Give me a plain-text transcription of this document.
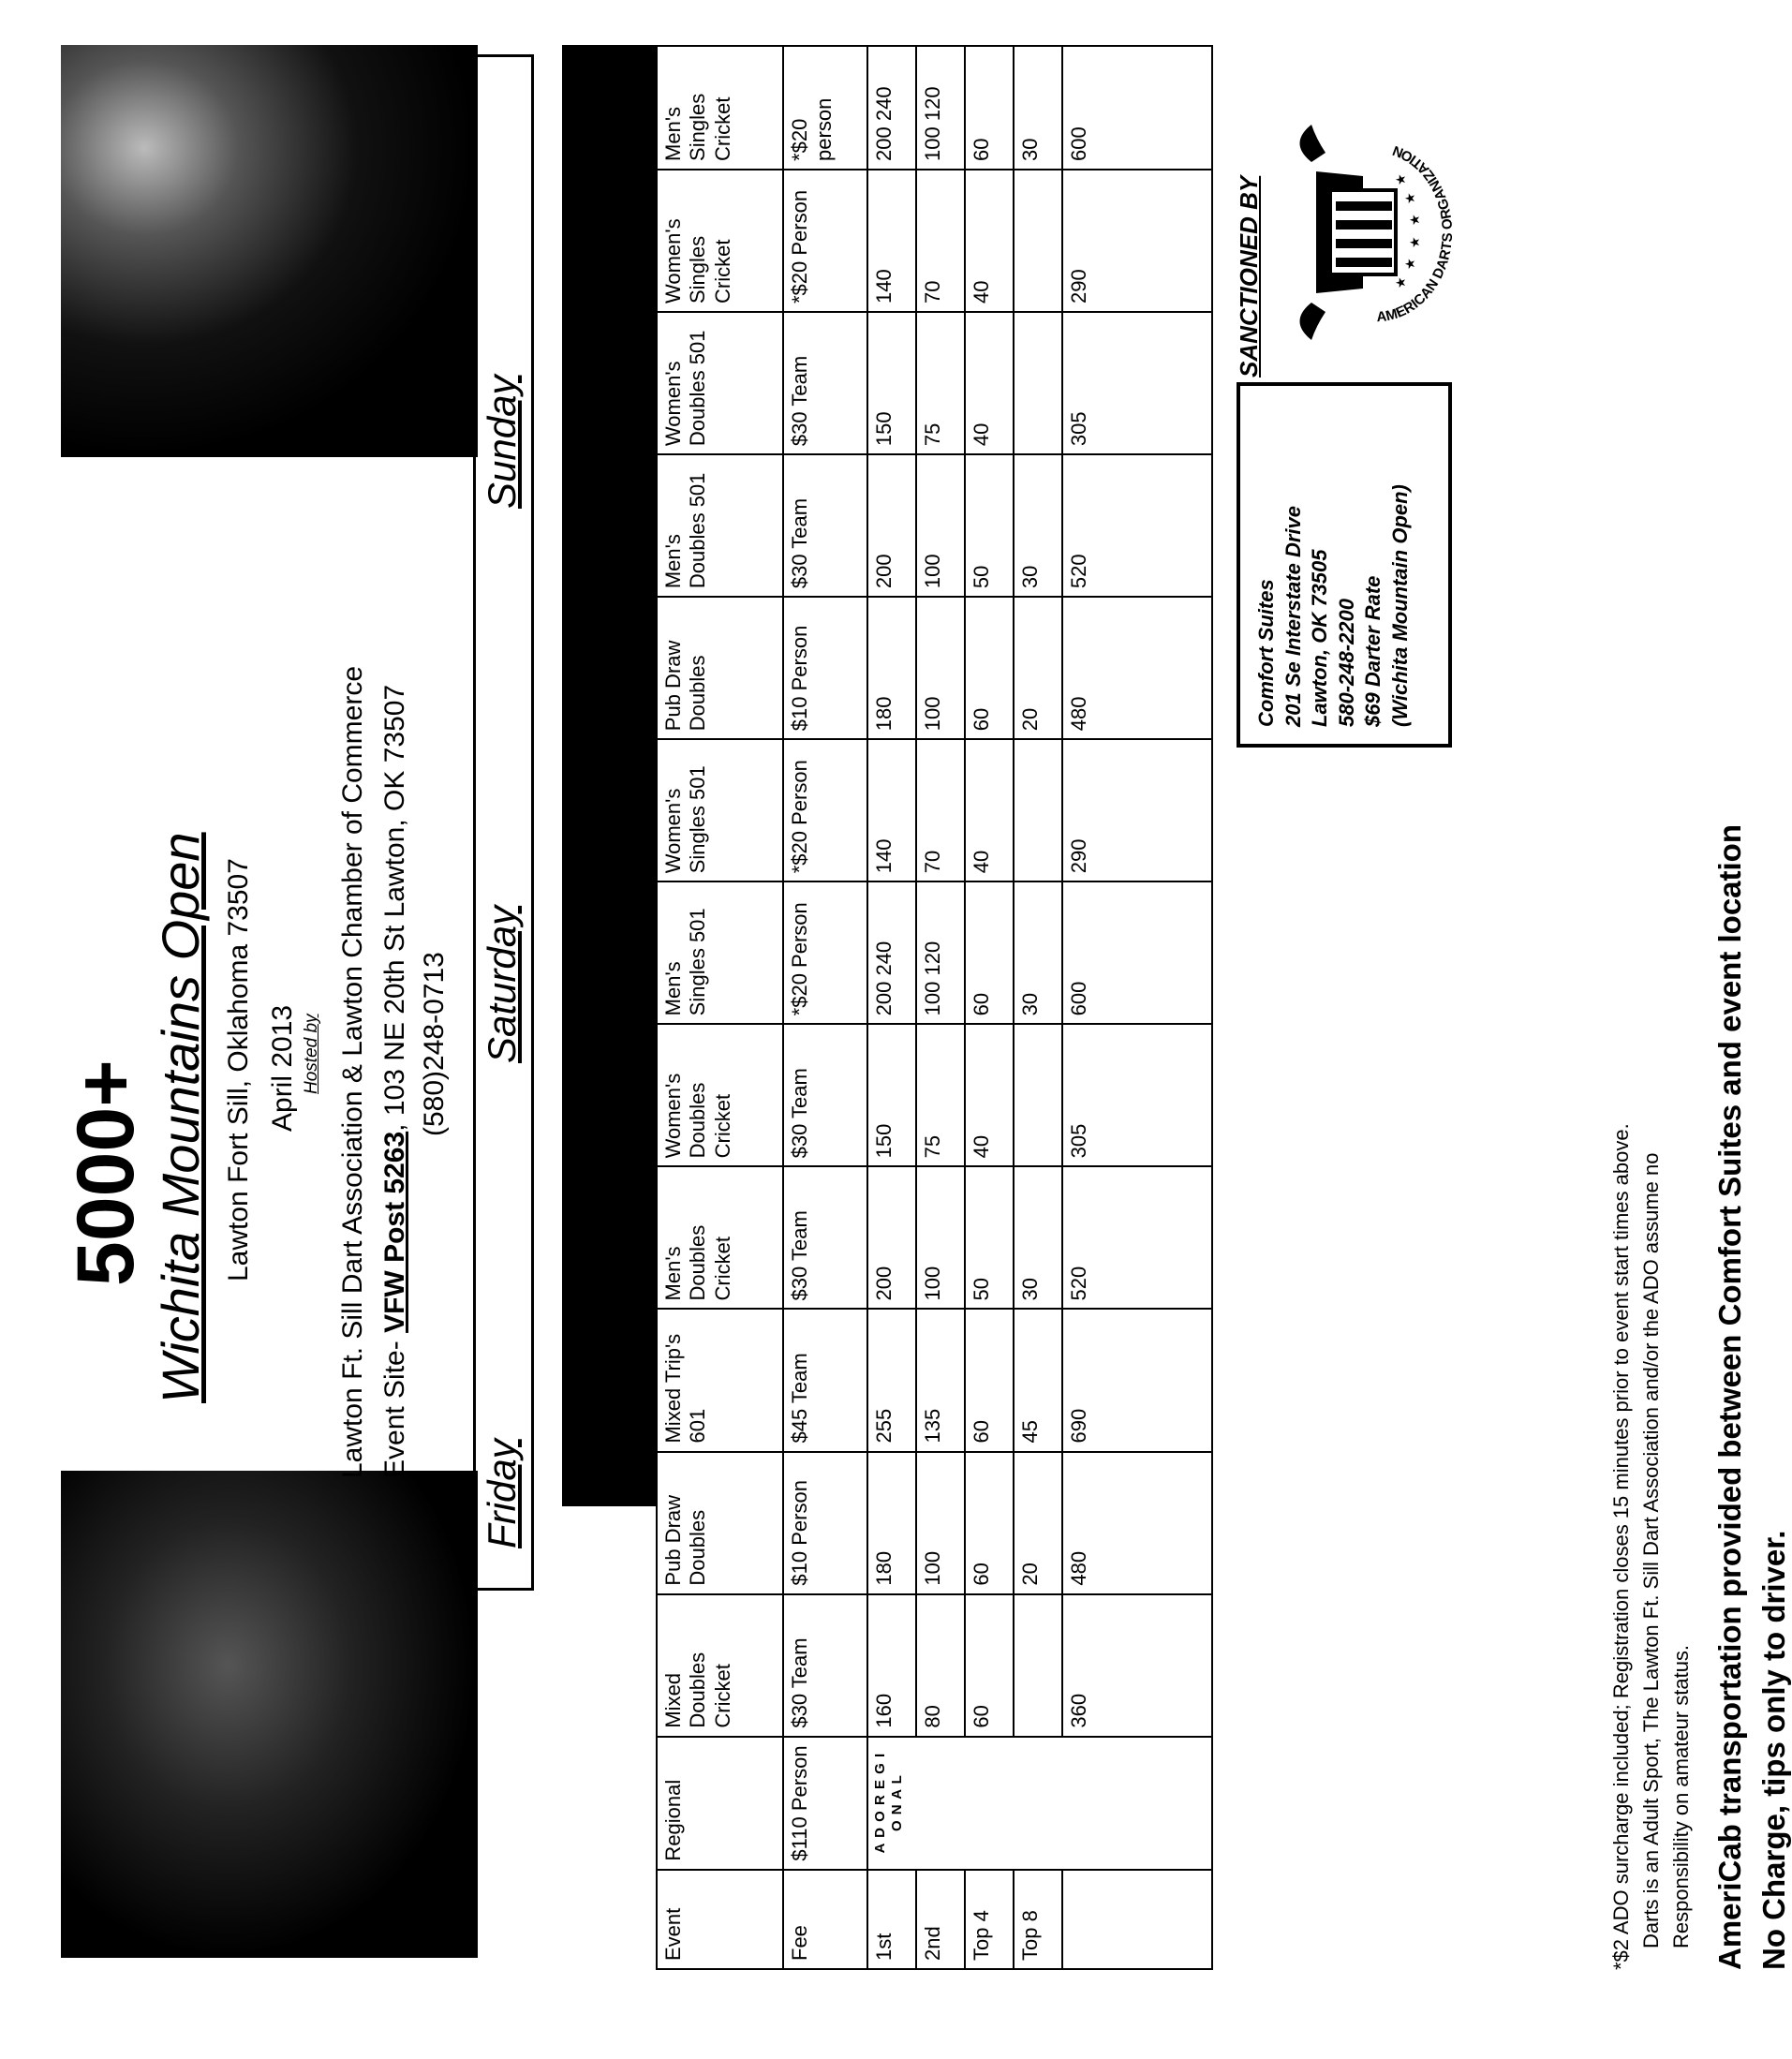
5000+ Wichita Mountains Open Lawton Fort Sill, Oklahoma 73507 April 2013 Hosted by Lawton Ft. Sill Dart Association & Lawton Chamber of Commerce Event Site- VFW Post 5263, 103 NE 20th St Lawton, OK 73507 (580)248-0713
Friday
Saturday
Sunday
Event	Regional	Mixed Doubles Cricket	Pub Draw Doubles	Mixed Trip's 601	Men's Doubles Cricket	Women's Doubles Cricket	Men's Singles 501	Women's Singles 501	Pub Draw Doubles	Men's Doubles 501	Women's Doubles 501	Women's Singles Cricket	Men's Singles Cricket
Fee	$110 Person	$30 Team	$10 Person	$45 Team	$30 Team	$30 Team	*$20 Person	*$20 Person	$10 Person	$30 Team	$30 Team	*$20 Person	*$20 person
1st	A D O R E G I O N A L	160	180	255	200	150	200 240	140	180	200	150	140	200 240
2nd		80	100	135	100	75	100 120	70	100	100	75	70	100 120
Top 4		60	60	60	50	40	60	40	60	50	40	40	60
Top 8			20	45	30		30		20	30			30
		360	480	690	520	305	600	290	480	520	305	290	600
*$2 ADO surcharge included; Registration closes 15 minutes prior to event start times above. Darts is an Adult Sport, The Lawton Ft. Sill Dart Association and/or the ADO assume no Responsibility on amateur status. AmeriCab transportation provided between Comfort Suites and event location No Charge, tips only to driver.
Comfort Suites 201 Se Interstate Drive Lawton, OK 73505 580-248-2200 $69 Darter Rate (Wichita Mountain Open)
SANCTIONED BY	★
★
★
★
★
★
AMERICAN DARTS ORGANIZATION
